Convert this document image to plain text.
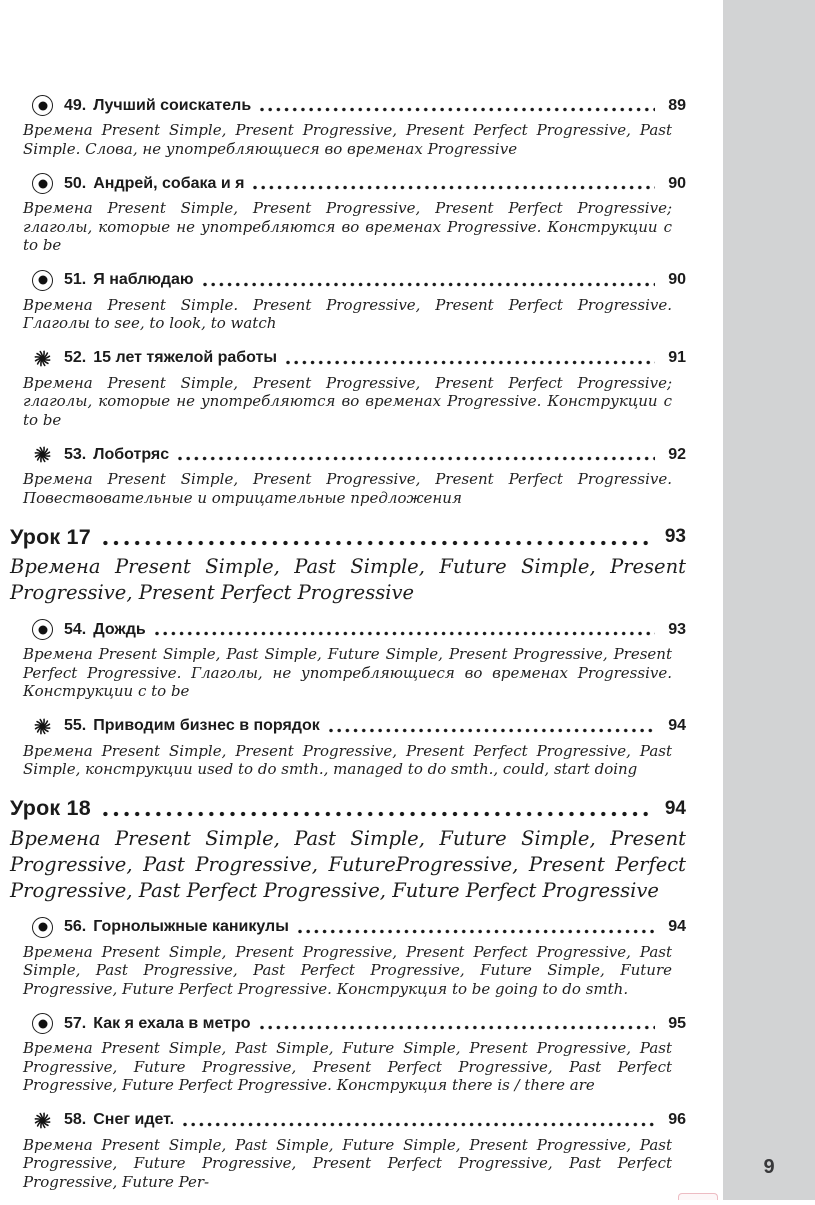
49. Лучший соискатель	89
Времена Present Simple, Present Progressive, Present Perfect Progressive, Past Simple. Слова, не употребляющиеся во временах Progressive
50. Андрей, собака и я	90
Времена Present Simple, Present Progressive, Present Perfect Progressive; глаголы, которые не употребляются во временах Progressive. Конструкции с to be
51. Я наблюдаю	90
Времена Present Simple. Present Progressive, Present Perfect Progressive. Глаголы to see, to look, to watch
52. 15 лет тяжелой работы	91
Времена Present Simple, Present Progressive, Present Perfect Progressive; глаголы, которые не употребляются во временах Progressive. Конструкции с to be
53. Лоботряс	92
Времена Present Simple, Present Progressive, Present Perfect Progressive. Повествовательные и отрицательные предложения
Урок 17	93
Времена Present Simple, Past Simple, Future Simple, Present Progressive, Present Perfect Progressive
54. Дождь	93
Времена Present Simple, Past Simple, Future Simple, Present Progressive, Present Perfect Progressive. Глаголы, не употребляющиеся во временах Progressive. Конструкции с to be
55. Приводим бизнес в порядок	94
Времена Present Simple, Present Progressive, Present Perfect Progressive, Past Simple, конструкции used to do smth., managed to do smth., could, start doing
Урок 18	94
Времена Present Simple, Past Simple, Future Simple, Present Progressive, Past Progressive, FutureProgressive, Present Perfect Progressive, Past Perfect Progressive, Future Perfect Progressive
56. Горнолыжные каникулы	94
Времена Present Simple, Present Progressive, Present Perfect Progressive, Past Simple, Past Progressive, Past Perfect Progressive, Future Simple, Future Progressive, Future Perfect Progressive. Конструкция to be going to do smth.
57. Как я ехала в метро	95
Времена Present Simple, Past Simple, Future Simple, Present Progressive, Past Progressive, Future Progressive, Present Perfect Progressive, Past Perfect Progressive, Future Perfect Progressive. Конструкция there is / there are
58. Снег идет.	96
Времена Present Simple, Past Simple, Future Simple, Present Progressive, Past Progressive, Future Progressive, Present Perfect Progressive, Past Perfect Progressive, Future Per-
9
